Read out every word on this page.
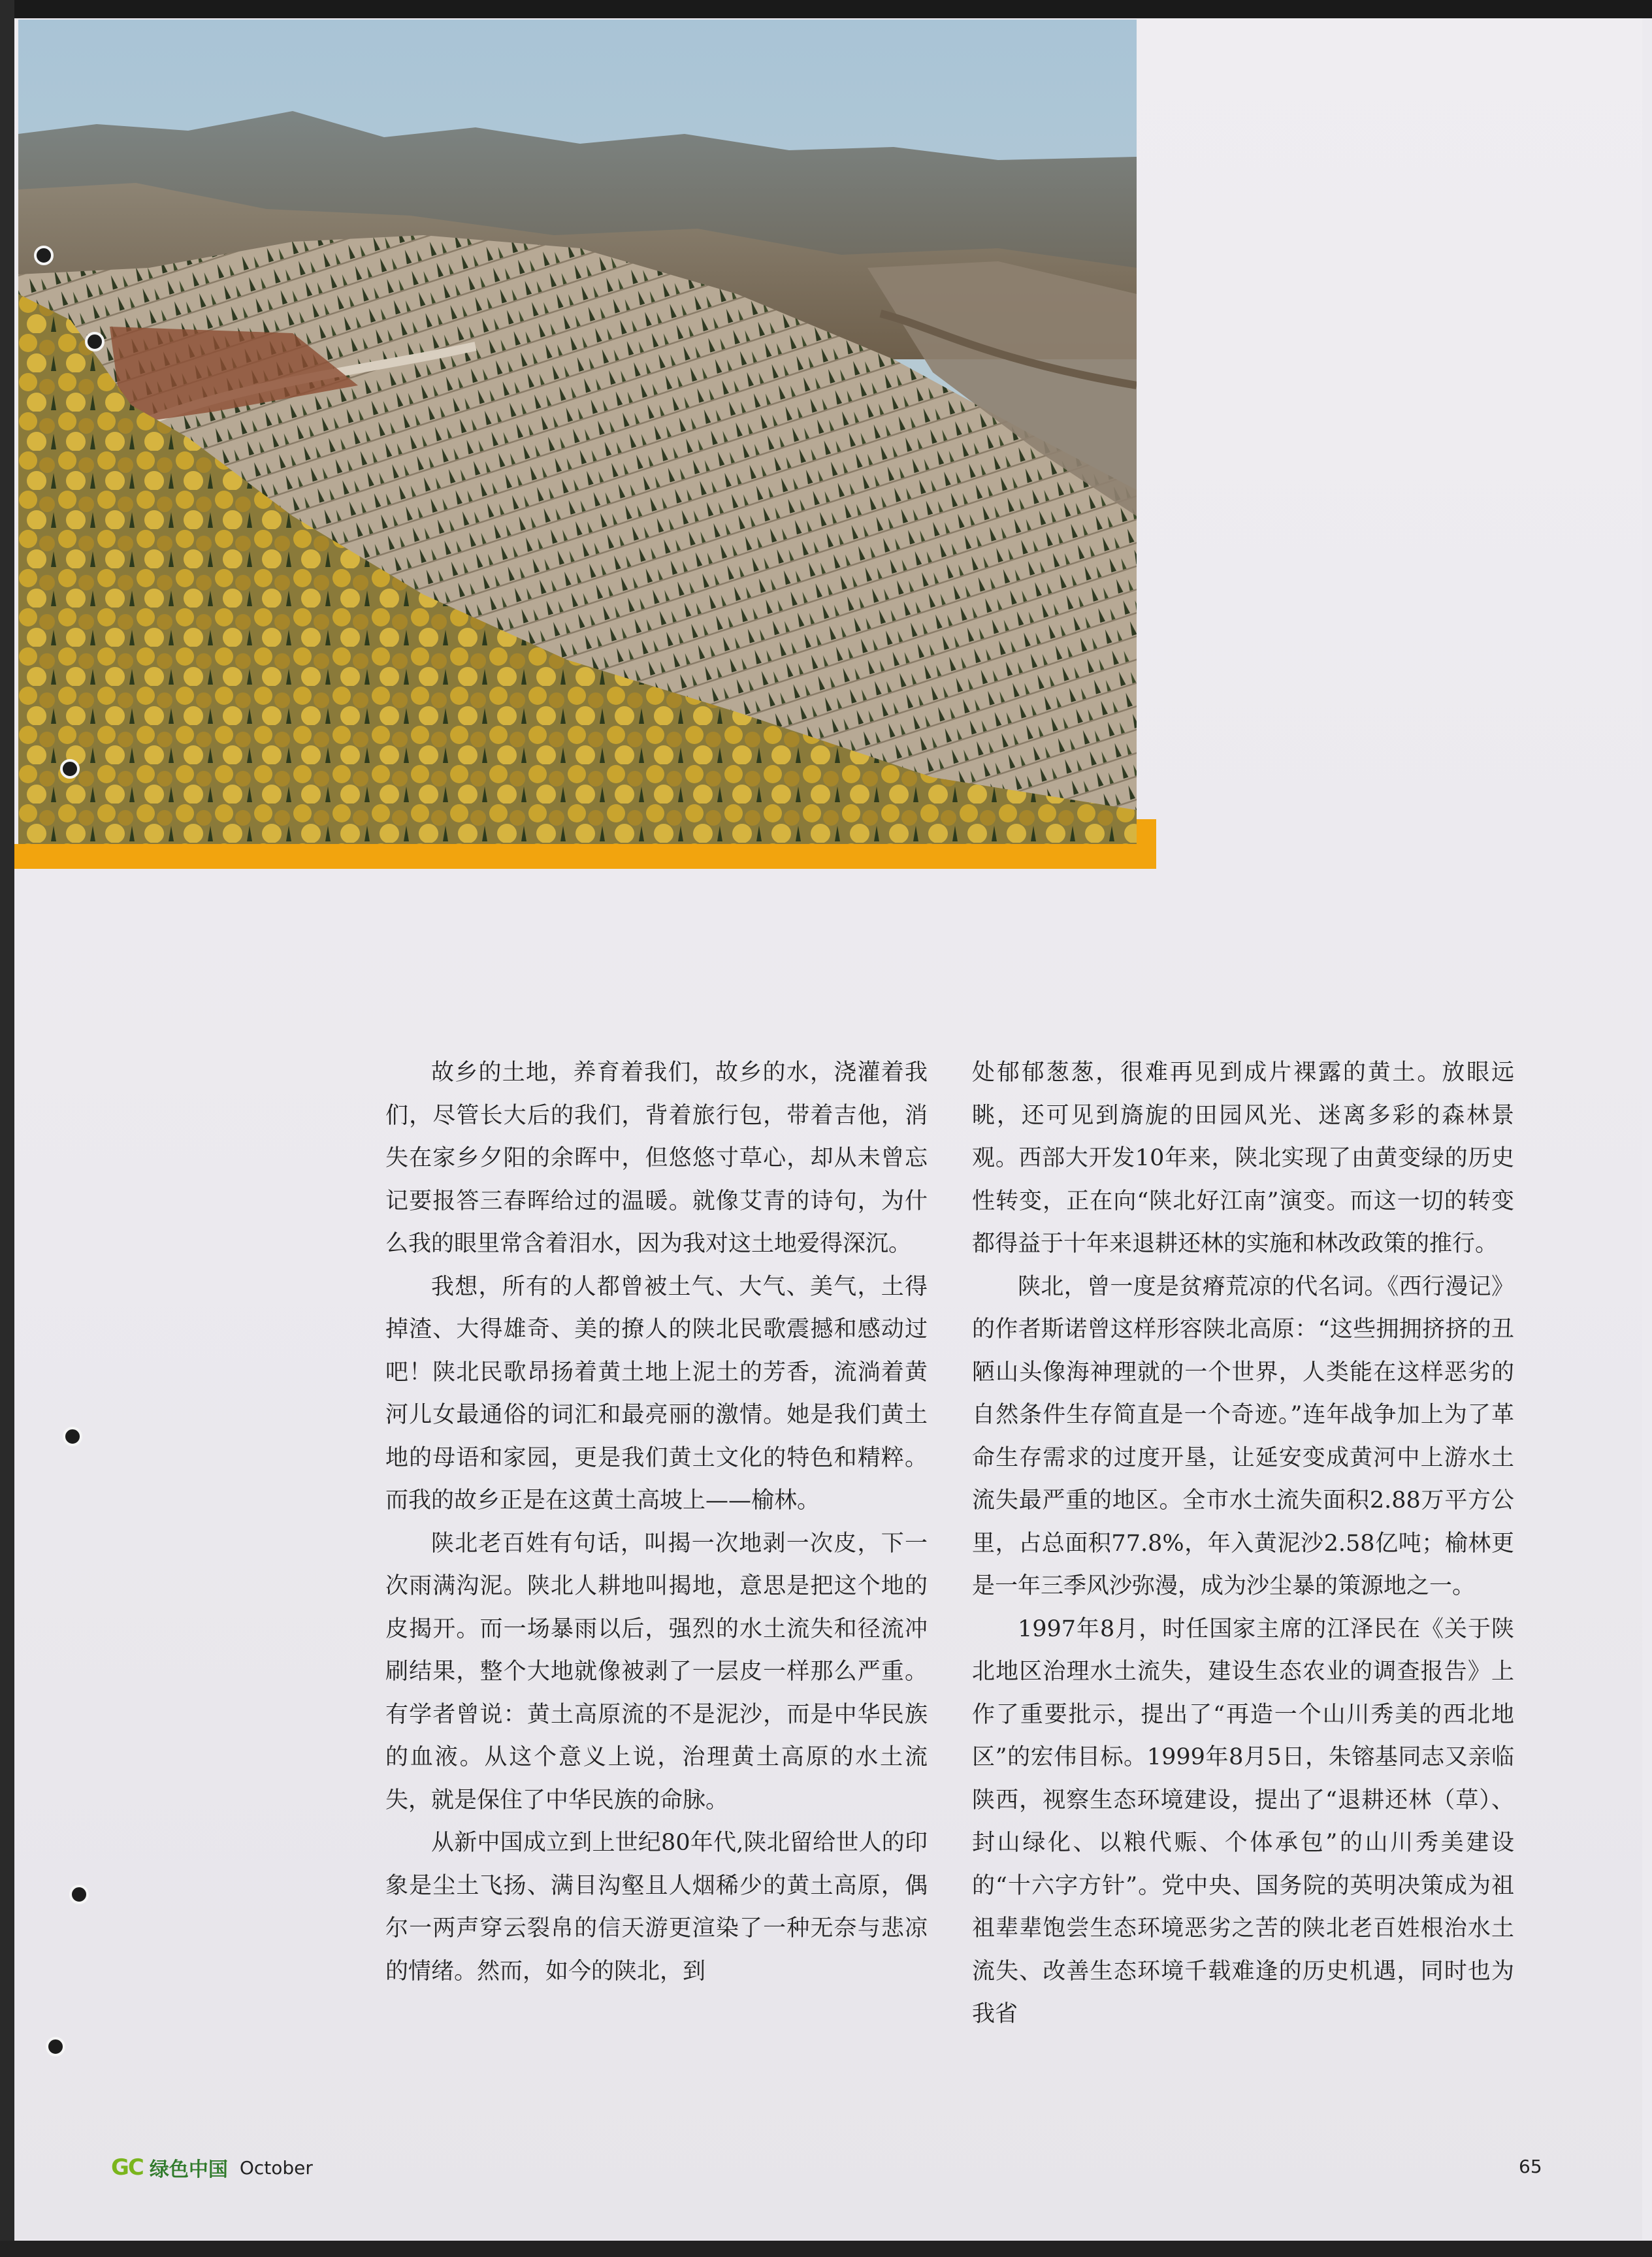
故乡的土地，养育着我们，故乡的水，浇灌着我们，尽管长大后的我们，背着旅行包，带着吉他，消失在家乡夕阳的余晖中，但悠悠寸草心，却从未曾忘记要报答三春晖给过的温暖。就像艾青的诗句，为什么我的眼里常含着泪水，因为我对这土地爱得深沉。

我想，所有的人都曾被土气、大气、美气，土得掉渣、大得雄奇、美的撩人的陕北民歌震撼和感动过吧！陕北民歌昂扬着黄土地上泥土的芳香，流淌着黄河儿女最通俗的词汇和最亮丽的激情。她是我们黄土地的母语和家园，更是我们黄土文化的特色和精粹。而我的故乡正是在这黄土高坡上——榆林。

陕北老百姓有句话，叫揭一次地剥一次皮，下一次雨满沟泥。陕北人耕地叫揭地，意思是把这个地的皮揭开。而一场暴雨以后，强烈的水土流失和径流冲刷结果，整个大地就像被剥了一层皮一样那么严重。有学者曾说：黄土高原流的不是泥沙，而是中华民族的血液。从这个意义上说，治理黄土高原的水土流失，就是保住了中华民族的命脉。

从新中国成立到上世纪80年代,陕北留给世人的印象是尘土飞扬、满目沟壑且人烟稀少的黄土高原，偶尔一两声穿云裂帛的信天游更渲染了一种无奈与悲凉的情绪。然而，如今的陕北，到

处郁郁葱葱，很难再见到成片裸露的黄土。放眼远眺，还可见到旖旎的田园风光、迷离多彩的森林景观。西部大开发10年来，陕北实现了由黄变绿的历史性转变，正在向“陕北好江南”演变。而这一切的转变都得益于十年来退耕还林的实施和林改政策的推行。

陕北，曾一度是贫瘠荒凉的代名词。《西行漫记》的作者斯诺曾这样形容陕北高原：“这些拥拥挤挤的丑陋山头像海神理就的一个世界，人类能在这样恶劣的自然条件生存简直是一个奇迹。”连年战争加上为了革命生存需求的过度开垦，让延安变成黄河中上游水土流失最严重的地区。全市水土流失面积2.88万平方公里，占总面积77.8%，年入黄泥沙2.58亿吨；榆林更是一年三季风沙弥漫，成为沙尘暴的策源地之一。

1997年8月，时任国家主席的江泽民在《关于陕北地区治理水土流失，建设生态农业的调查报告》上作了重要批示，提出了“再造一个山川秀美的西北地区”的宏伟目标。1999年8月5日，朱镕基同志又亲临陕西，视察生态环境建设，提出了“退耕还林（草）、封山绿化、以粮代赈、个体承包”的山川秀美建设的“十六字方针”。党中央、国务院的英明决策成为祖祖辈辈饱尝生态环境恶劣之苦的陕北老百姓根治水土流失、改善生态环境千载难逢的历史机遇，同时也为我省

GC 绿色中国 October	65
